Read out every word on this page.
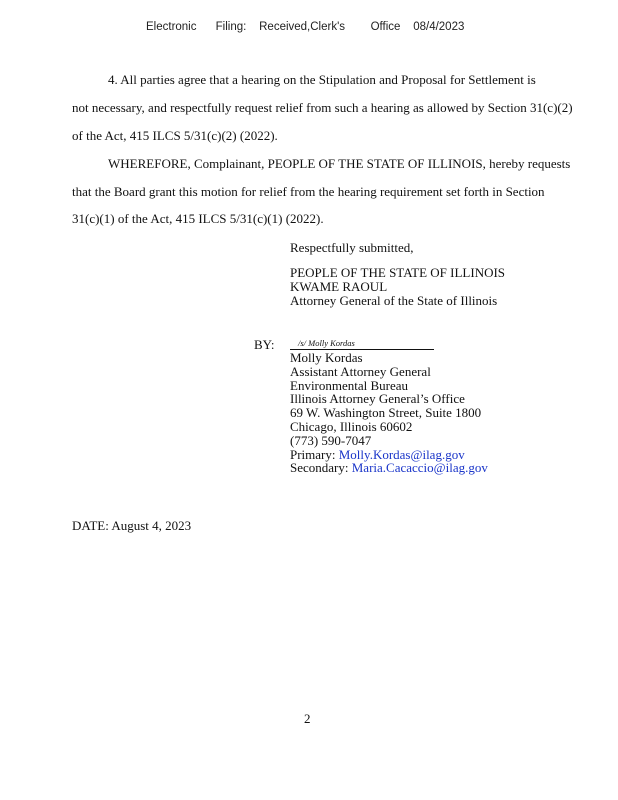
Electronic      Filing:    Received,Clerk's        Office    08/4/2023
4. All parties agree that a hearing on the Stipulation and Proposal for Settlement is
not necessary, and respectfully request relief from such a hearing as allowed by Section 31(c)(2)
of the Act, 415 ILCS 5/31(c)(2) (2022).
WHEREFORE, Complainant, PEOPLE OF THE STATE OF ILLINOIS, hereby requests
that the Board grant this motion for relief from the hearing requirement set forth in Section
31(c)(1) of the Act, 415 ILCS 5/31(c)(1) (2022).
Respectfully submitted,
PEOPLE OF THE STATE OF ILLINOIS
KWAME RAOUL
Attorney General of the State of Illinois
BY:	/s/ Molly Kordas
Molly Kordas
Assistant Attorney General
Environmental Bureau
Illinois Attorney General’s Office
69 W. Washington Street, Suite 1800
Chicago, Illinois 60602
(773) 590-7047
Primary: Molly.Kordas@ilag.gov
Secondary: Maria.Cacaccio@ilag.gov
DATE: August 4, 2023
2
